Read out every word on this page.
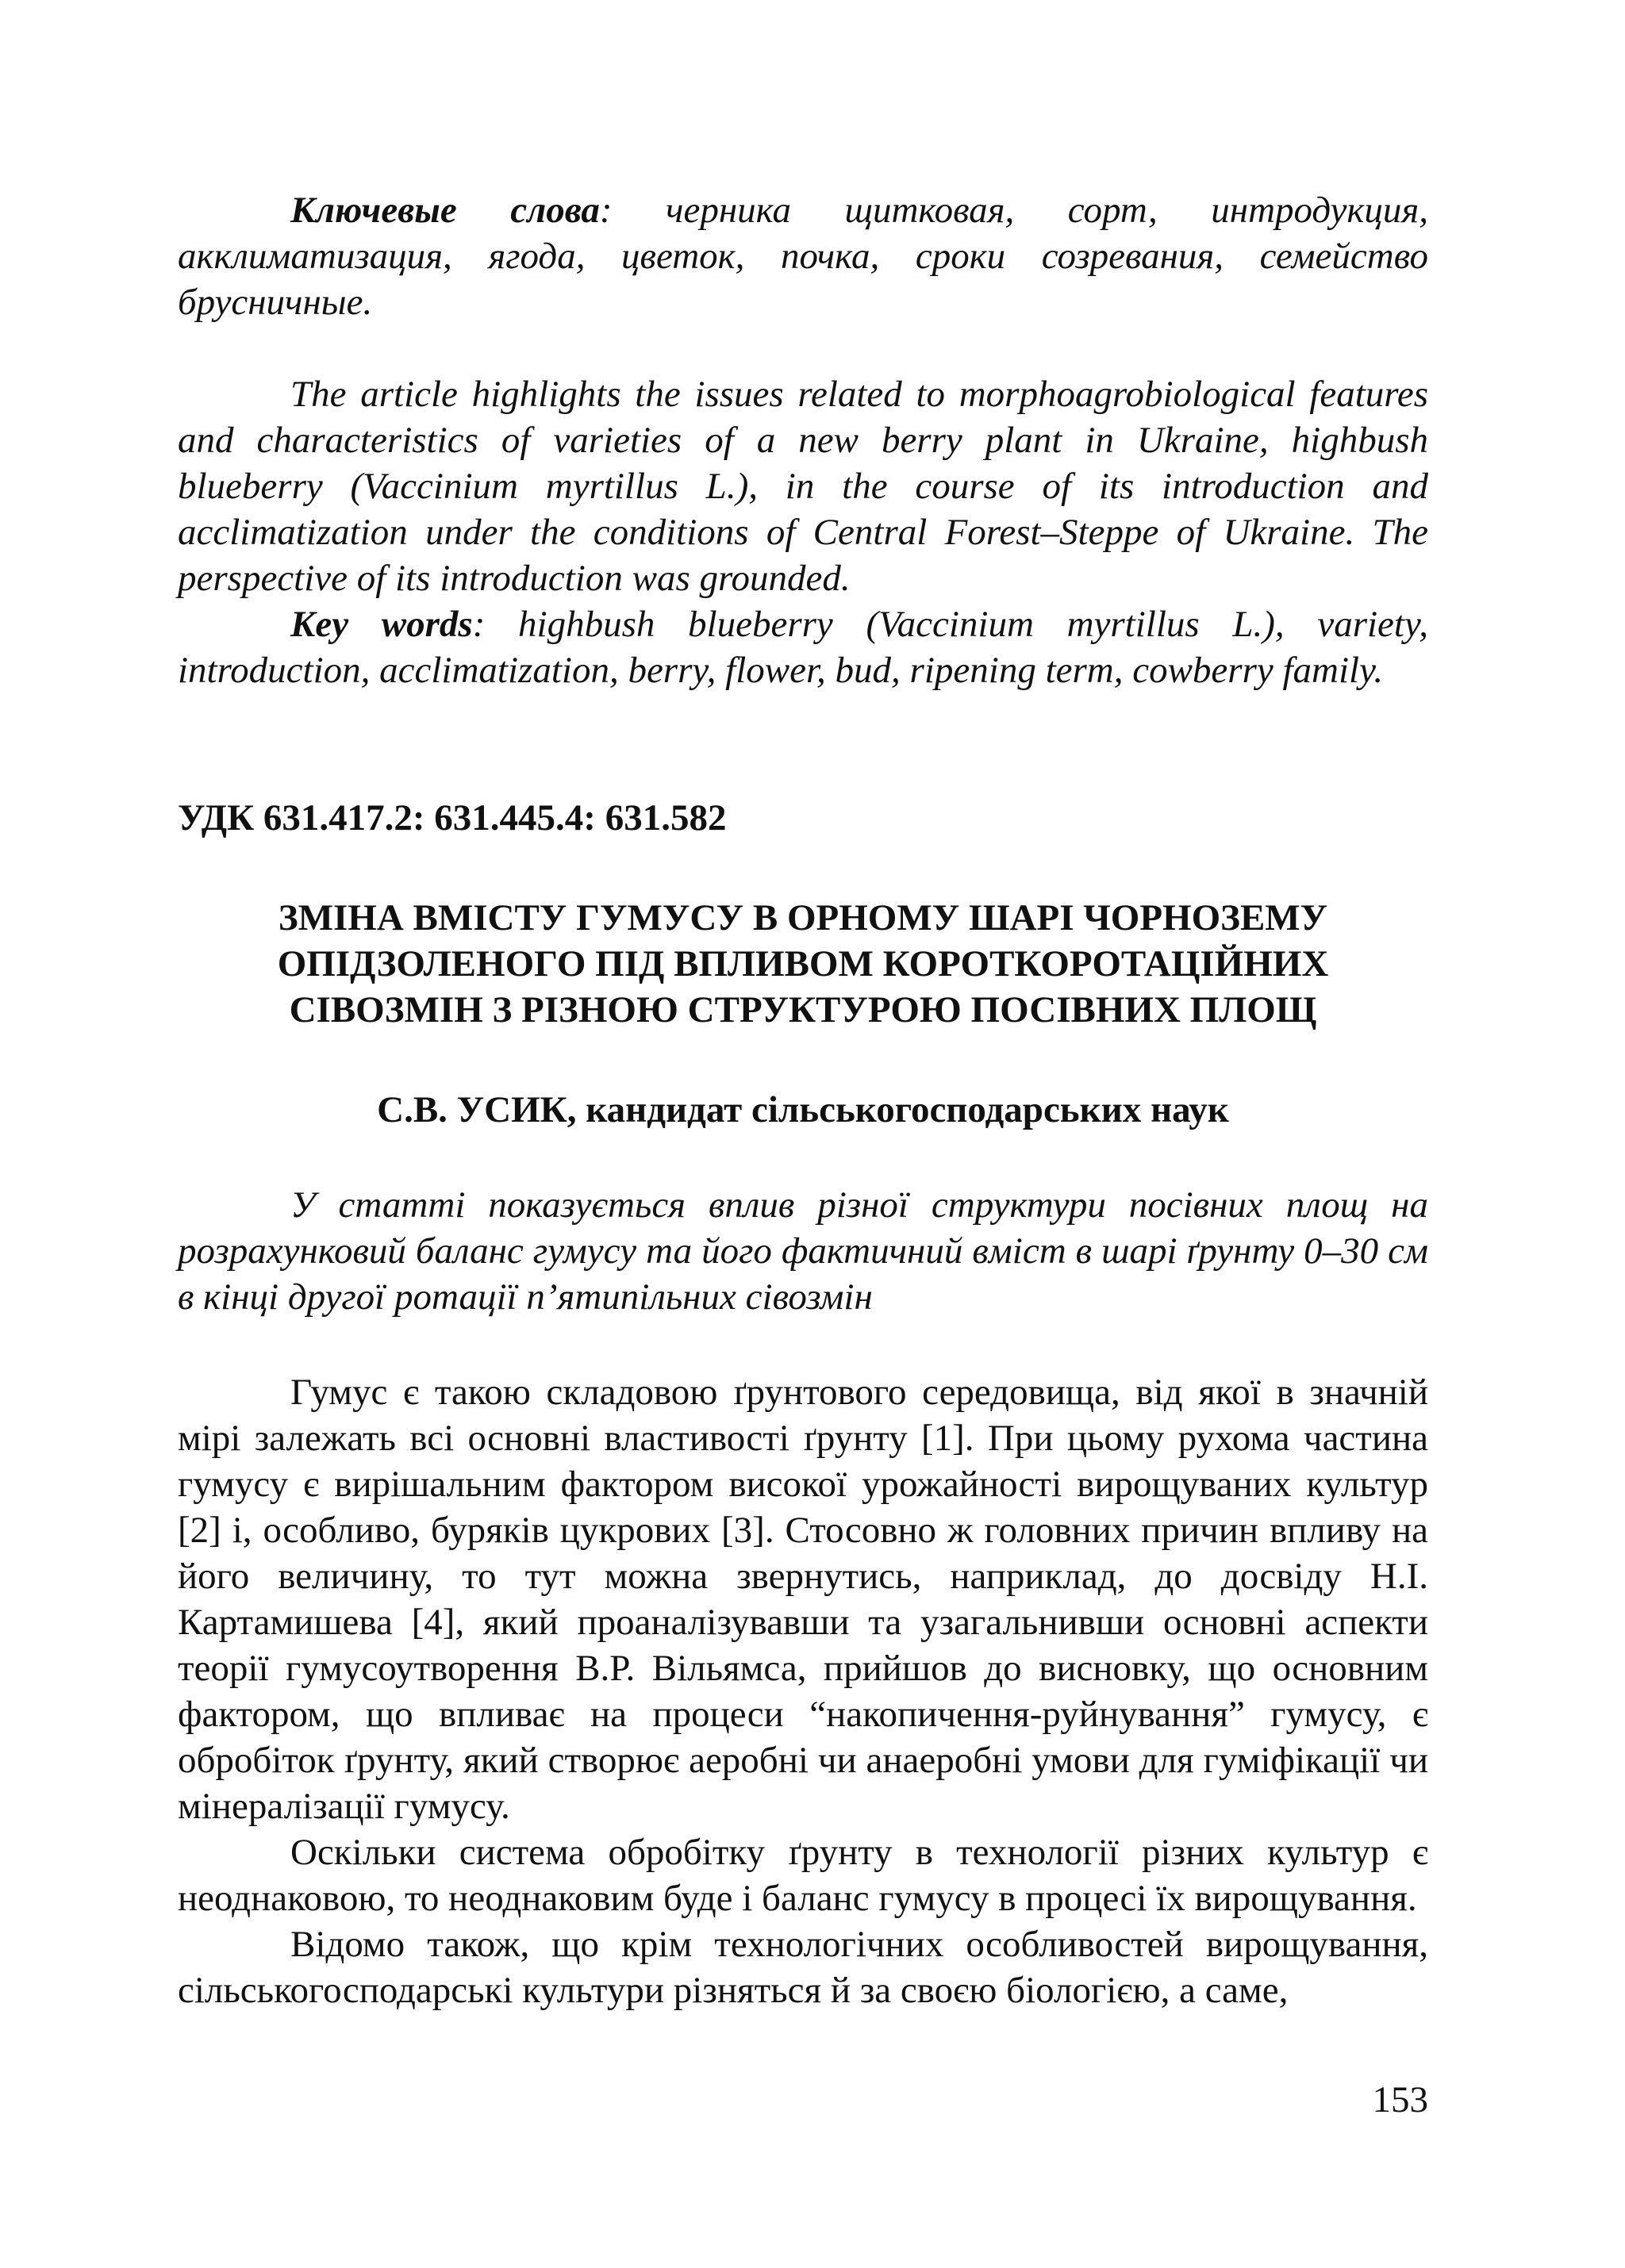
Ключевые слова: черника щитковая, сорт, интродукция, акклиматизация, ягода, цветок, почка, сроки созревания, семейство брусничные.

The article highlights the issues related to morphoagrobiological features and characteristics of varieties of a new berry plant in Ukraine, highbush blueberry (Vaccinium myrtillus L.), in the course of its introduction and acclimatization under the conditions of Central Forest–Steppe of Ukraine. The perspective of its introduction was grounded.

Key words: highbush blueberry (Vaccinium myrtillus L.), variety, introduction, acclimatization, berry, flower, bud, ripening term, cowberry family.

УДК 631.417.2: 631.445.4: 631.582

ЗМІНА ВМІСТУ ГУМУСУ В ОРНОМУ ШАРІ ЧОРНОЗЕМУ
ОПІДЗОЛЕНОГО ПІД ВПЛИВОМ КОРОТКОРОТАЦІЙНИХ
СІВОЗМІН З РІЗНОЮ СТРУКТУРОЮ ПОСІВНИХ ПЛОЩ

С.В. УСИК, кандидат сільськогосподарських наук

У статті показується вплив різної структури посівних площ на розрахунковий баланс гумусу та його фактичний вміст в шарі ґрунту 0–30 см в кінці другої ротації п’ятипільних сівозмін

Гумус є такою складовою ґрунтового середовища, від якої в значній мірі залежать всі основні властивості ґрунту [1]. При цьому рухома частина гумусу є вирішальним фактором високої урожайності вирощуваних культур [2] і, особливо, буряків цукрових [3]. Стосовно ж головних причин впливу на його величину, то тут можна звернутись, наприклад, до досвіду Н.І. Картамишева [4], який проаналізувавши та узагальнивши основні аспекти теорії гумусоутворення В.Р. Вільямса, прийшов до висновку, що основним фактором, що впливає на процеси “накопичення-руйнування” гумусу, є обробіток ґрунту, який створює аеробні чи анаеробні умови для гуміфікації чи мінералізації гумусу.

Оскільки система обробітку ґрунту в технології різних культур є неоднаковою, то неоднаковим буде і баланс гумусу в процесі їх вирощування.

Відомо також, що крім технологічних особливостей вирощування, сільськогосподарські культури різняться й за своєю біологією, а саме,

153
